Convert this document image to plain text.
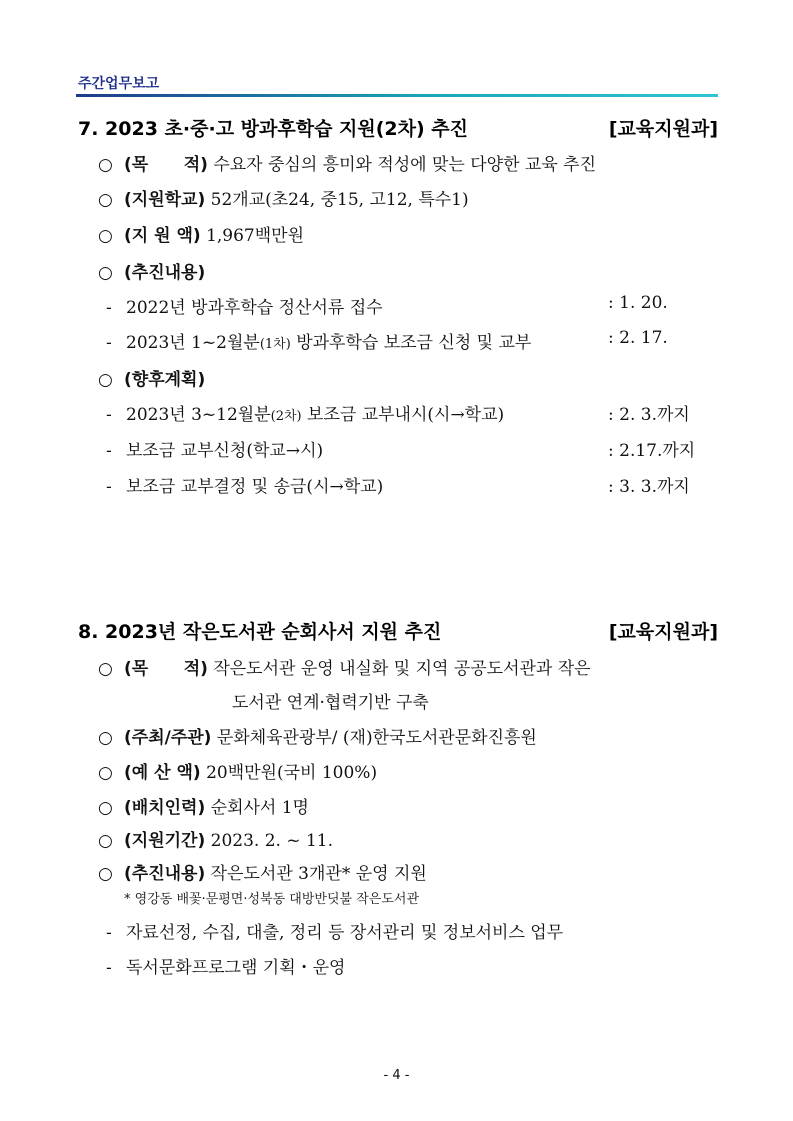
주간업무보고
7. 2023 초·중·고 방과후학습 지원(2차) 추진	[교육지원과]
○ (목      적) 수요자 중심의 흥미와 적성에 맞는 다양한 교육 추진
○ (지원학교) 52개교(초24, 중15, 고12, 특수1)
○ (지 원 액) 1,967백만원
○ (추진내용)
- 2022년 방과후학습 정산서류 접수	: 1. 20.
- 2023년 1~2월분(1차) 방과후학습 보조금 신청 및 교부	: 2. 17.
○ (향후계획)
- 2023년 3~12월분(2차) 보조금 교부내시(시→학교)	: 2. 3.까지
- 보조금 교부신청(학교→시)	: 2.17.까지
- 보조금 교부결정 및 송금(시→학교)	: 3. 3.까지
8. 2023년 작은도서관 순회사서 지원 추진	[교육지원과]
○ (목      적) 작은도서관 운영 내실화 및 지역 공공도서관과 작은
도서관 연계·협력기반 구축
○ (주최/주관) 문화체육관광부/ (재)한국도서관문화진흥원
○ (예 산 액) 20백만원(국비 100%)
○ (배치인력) 순회사서 1명
○ (지원기간) 2023. 2. ~ 11.
○ (추진내용) 작은도서관 3개관* 운영 지원
* 영강동 배꽃·문평면·성북동 대방반딧불 작은도서관
- 자료선정, 수집, 대출, 정리 등 장서관리 및 정보서비스 업무
- 독서문화프로그램 기획・운영
- 4 -
